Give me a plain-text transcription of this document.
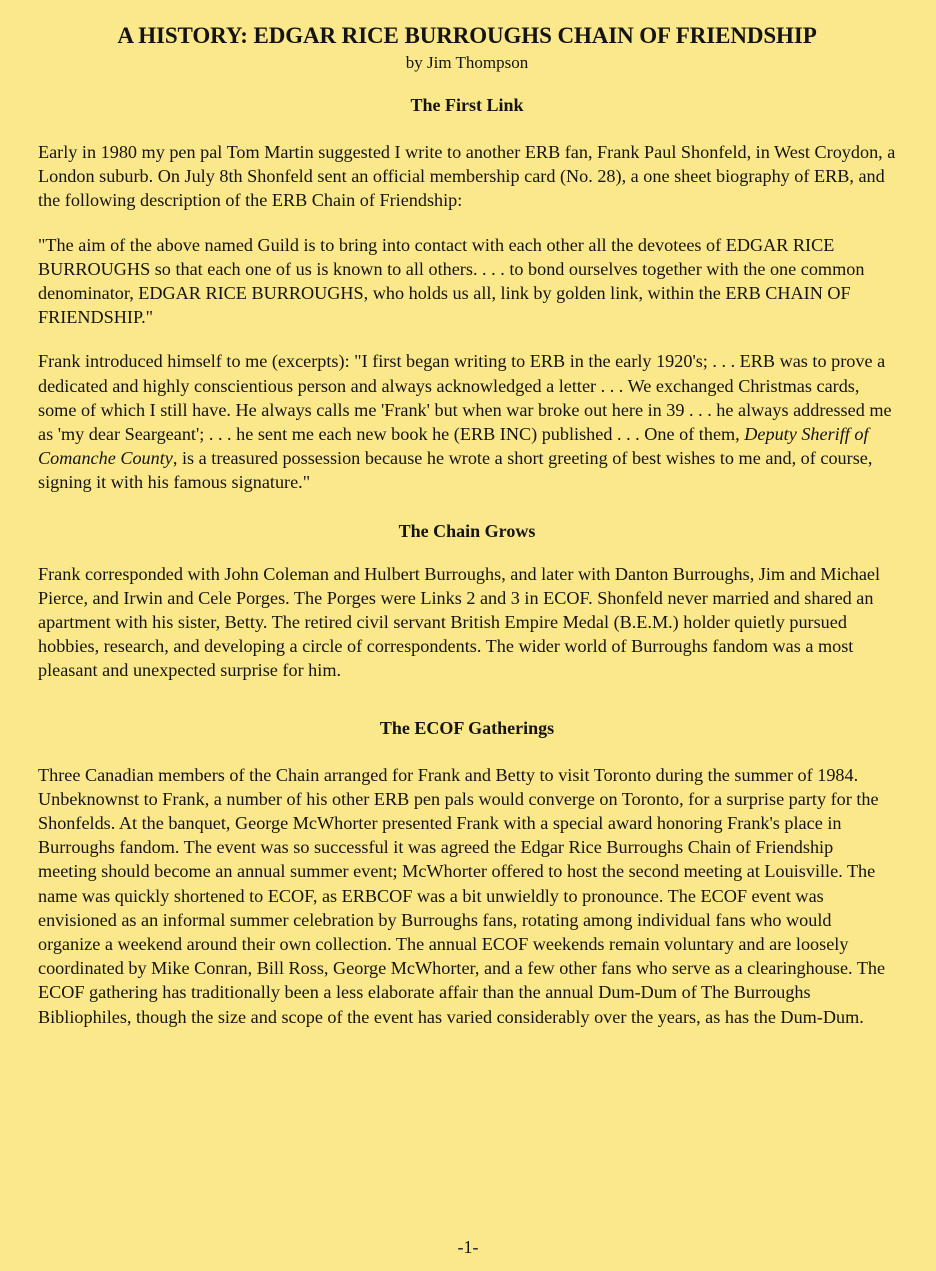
A HISTORY: EDGAR RICE BURROUGHS CHAIN OF FRIENDSHIP

by Jim Thompson

The First Link

Early in 1980 my pen pal Tom Martin suggested I write to another ERB fan, Frank Paul Shonfeld, in West Croydon, a London suburb. On July 8th Shonfeld sent an official membership card (No. 28), a one sheet biography of ERB, and the following description of the ERB Chain of Friendship:

"The aim of the above named Guild is to bring into contact with each other all the devotees of EDGAR RICE BURROUGHS so that each one of us is known to all others. . . . to bond ourselves together with the one common denominator, EDGAR RICE BURROUGHS, who holds us all, link by golden link, within the ERB CHAIN OF FRIENDSHIP."

Frank introduced himself to me (excerpts): "I first began writing to ERB in the early 1920's; . . . ERB was to prove a dedicated and highly conscientious person and always acknowledged a letter . . . We exchanged Christmas cards, some of which I still have. He always calls me 'Frank' but when war broke out here in 39 . . . he always addressed me as 'my dear Seargeant'; . . . he sent me each new book he (ERB INC) published . . . One of them, Deputy Sheriff of Comanche County, is a treasured possession because he wrote a short greeting of best wishes to me and, of course, signing it with his famous signature."

The Chain Grows

Frank corresponded with John Coleman and Hulbert Burroughs, and later with Danton Burroughs, Jim and Michael Pierce, and Irwin and Cele Porges. The Porges were Links 2 and 3 in ECOF. Shonfeld never married and shared an apartment with his sister, Betty. The retired civil servant British Empire Medal (B.E.M.) holder quietly pursued hobbies, research, and developing a circle of correspondents. The wider world of Burroughs fandom was a most pleasant and unexpected surprise for him.

The ECOF Gatherings

Three Canadian members of the Chain arranged for Frank and Betty to visit Toronto during the summer of 1984. Unbeknownst to Frank, a number of his other ERB pen pals would converge on Toronto, for a surprise party for the Shonfelds. At the banquet, George McWhorter presented Frank with a special award honoring Frank's place in Burroughs fandom. The event was so successful it was agreed the Edgar Rice Burroughs Chain of Friendship meeting should become an annual summer event; McWhorter offered to host the second meeting at Louisville. The name was quickly shortened to ECOF, as ERBCOF was a bit unwieldly to pronounce. The ECOF event was envisioned as an informal summer celebration by Burroughs fans, rotating among individual fans who would organize a weekend around their own collection. The annual ECOF weekends remain voluntary and are loosely coordinated by Mike Conran, Bill Ross, George McWhorter, and a few other fans who serve as a clearinghouse. The ECOF gathering has traditionally been a less elaborate affair than the annual Dum-Dum of The Burroughs Bibliophiles, though the size and scope of the event has varied considerably over the years, as has the Dum-Dum.

-1-
